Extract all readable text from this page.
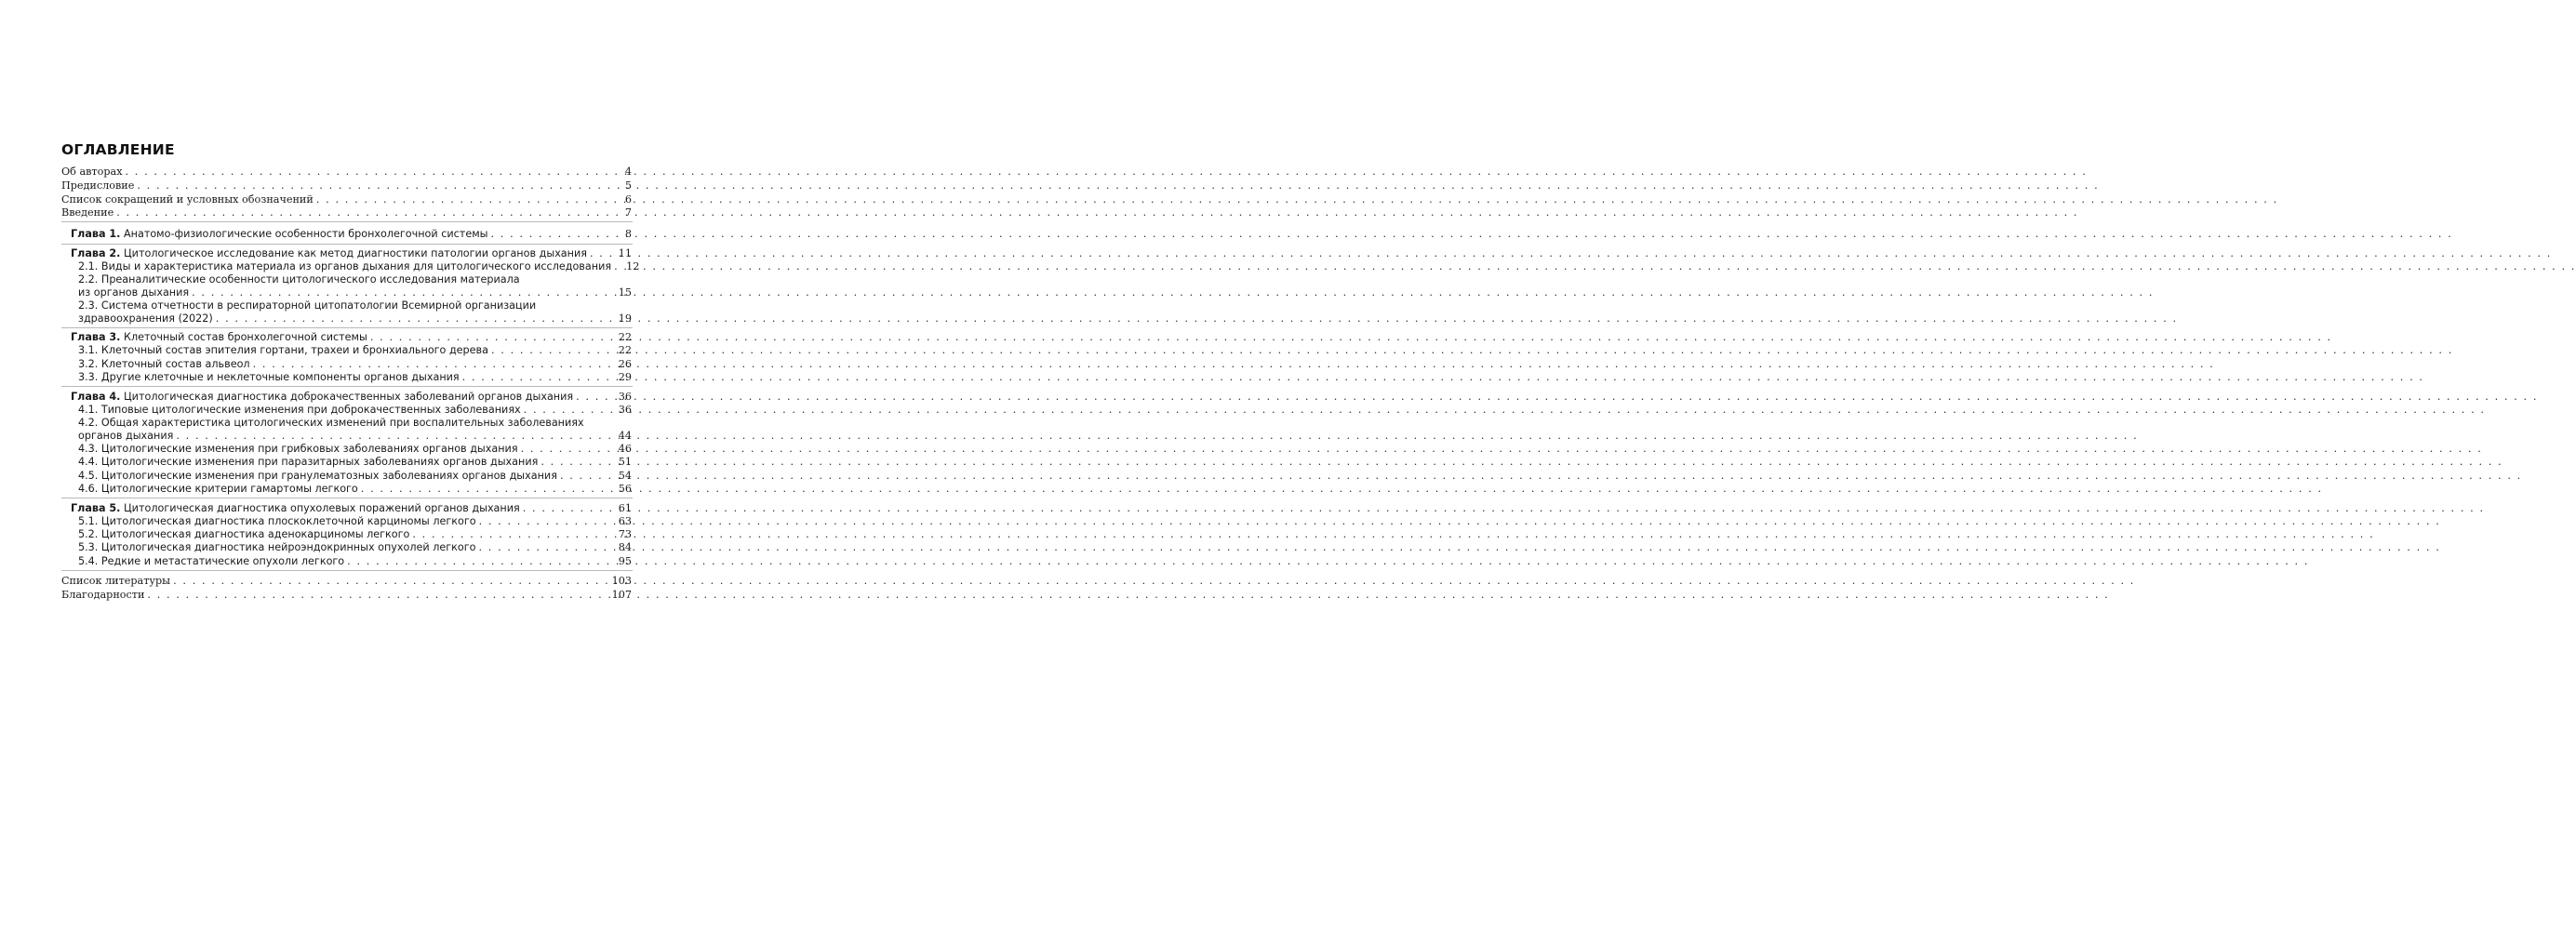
ОГЛАВЛЕНИЕ
Об авторах . . .	4
Предисловие . . .	5
Список сокращений и условных обозначений . . .	6
Введение . . .	7
Глава 1. Анатомо-физиологические особенности бронхолегочной системы . . .	8
Глава 2. Цитологическое исследование как метод диагностики патологии органов дыхания . . .	11
2.1. Виды и характеристика материала из органов дыхания для цитологического исследования . . . 12
2.2. Преаналитические особенности цитологического исследования материала
из органов дыхания . . .	15
2.3. Система отчетности в респираторной цитопатологии Всемирной организации
здравоохранения (2022) . . .	19
Глава 3. Клеточный состав бронхолегочной системы . . .	22
3.1. Клеточный состав эпителия гортани, трахеи и бронхиального дерева . . .	22
3.2. Клеточный состав альвеол . . .	26
3.3. Другие клеточные и неклеточные компоненты органов дыхания . . .	29
Глава 4. Цитологическая диагностика доброкачественных заболеваний органов дыхания . . .	36
4.1. Типовые цитологические изменения при доброкачественных заболеваниях . . .	36
4.2. Общая характеристика цитологических изменений при воспалительных заболеваниях
органов дыхания . . .	44
4.3. Цитологические изменения при грибковых заболеваниях органов дыхания . . .	46
4.4. Цитологические изменения при паразитарных заболеваниях органов дыхания . . .	51
4.5. Цитологические изменения при гранулематозных заболеваниях органов дыхания . . .	54
4.6. Цитологические критерии гамартомы легкого . . .	56
Глава 5. Цитологическая диагностика опухолевых поражений органов дыхания . . .	61
5.1. Цитологическая диагностика плоскоклеточной карциномы легкого . . .	63
5.2. Цитологическая диагностика аденокарциномы легкого . . .	73
5.3. Цитологическая диагностика нейроэндокринных опухолей легкого . . .	84
5.4. Редкие и метастатические опухоли легкого . . .	95
Список литературы . . .	103
Благодарности . . .	107
